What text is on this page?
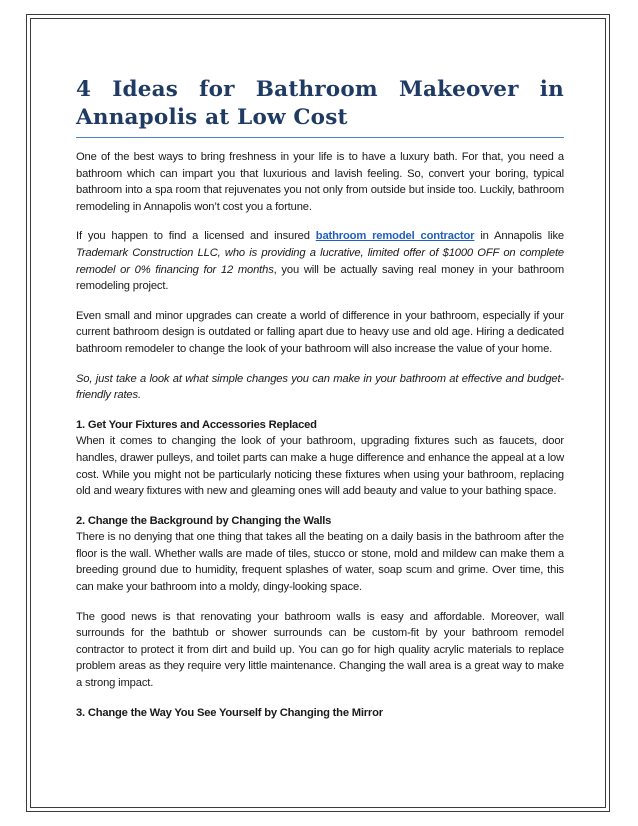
4 Ideas for Bathroom Makeover in Annapolis at Low Cost

One of the best ways to bring freshness in your life is to have a luxury bath. For that, you need a bathroom which can impart you that luxurious and lavish feeling. So, convert your boring, typical bathroom into a spa room that rejuvenates you not only from outside but inside too. Luckily, bathroom remodeling in Annapolis won’t cost you a fortune.

If you happen to find a licensed and insured bathroom remodel contractor in Annapolis like Trademark Construction LLC, who is providing a lucrative, limited offer of $1000 OFF on complete remodel or 0% financing for 12 months, you will be actually saving real money in your bathroom remodeling project.

Even small and minor upgrades can create a world of difference in your bathroom, especially if your current bathroom design is outdated or falling apart due to heavy use and old age. Hiring a dedicated bathroom remodeler to change the look of your bathroom will also increase the value of your home.

So, just take a look at what simple changes you can make in your bathroom at effective and budget-friendly rates.

1. Get Your Fixtures and Accessories Replaced

When it comes to changing the look of your bathroom, upgrading fixtures such as faucets, door handles, drawer pulleys, and toilet parts can make a huge difference and enhance the appeal at a low cost. While you might not be particularly noticing these fixtures when using your bathroom, replacing old and weary fixtures with new and gleaming ones will add beauty and value to your bathing space.

2. Change the Background by Changing the Walls

There is no denying that one thing that takes all the beating on a daily basis in the bathroom after the floor is the wall. Whether walls are made of tiles, stucco or stone, mold and mildew can make them a breeding ground due to humidity, frequent splashes of water, soap scum and grime. Over time, this can make your bathroom into a moldy, dingy-looking space.

The good news is that renovating your bathroom walls is easy and affordable. Moreover, wall surrounds for the bathtub or shower surrounds can be custom-fit by your bathroom remodel contractor to protect it from dirt and build up. You can go for high quality acrylic materials to replace problem areas as they require very little maintenance. Changing the wall area is a great way to make a strong impact.

3. Change the Way You See Yourself by Changing the Mirror
